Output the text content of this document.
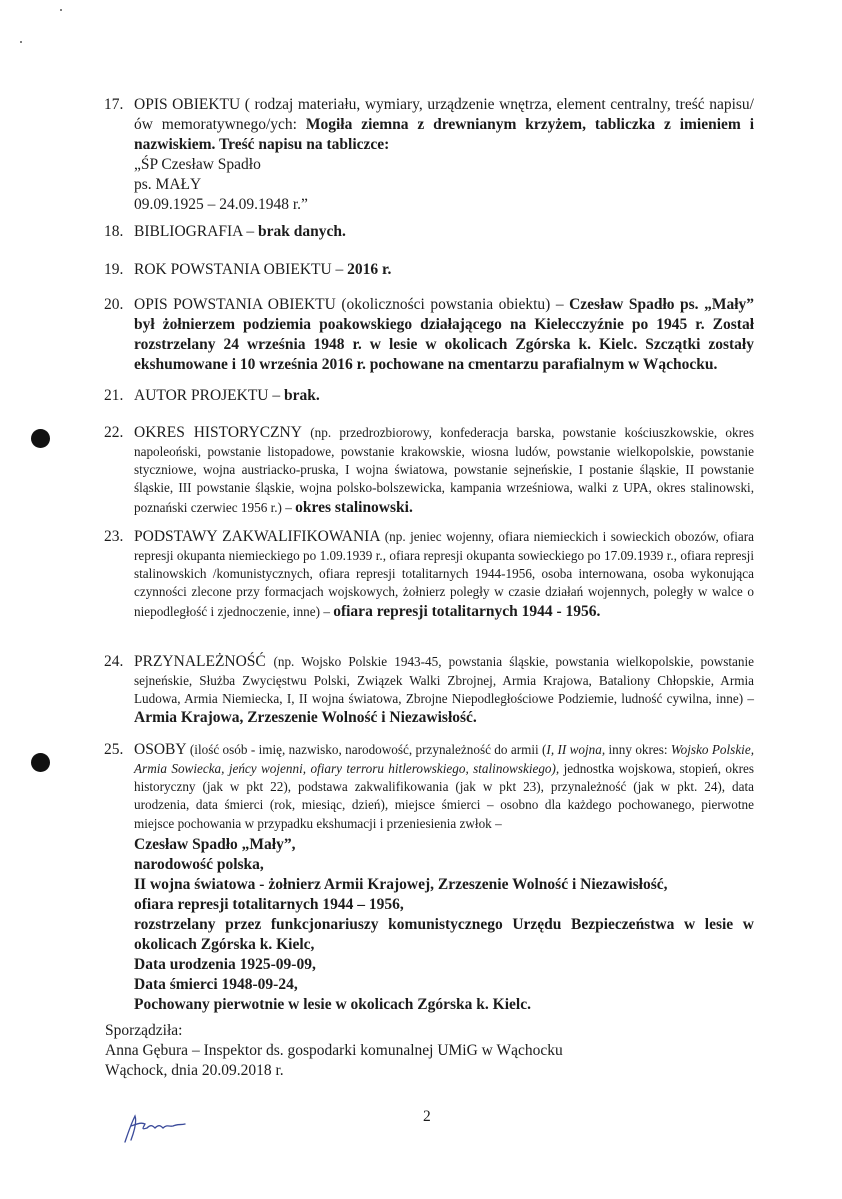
17. OPIS OBIEKTU ( rodzaj materiału, wymiary, urządzenie wnętrza, element centralny, treść napisu/ów memoratywnego/ych: Mogiła ziemna z drewnianym krzyżem, tabliczka z imieniem i nazwiskiem. Treść napisu na tabliczce:
„ŚP Czesław Spadło
ps. MAŁY
09.09.1925 – 24.09.1948 r.”
18. BIBLIOGRAFIA – brak danych.
19. ROK POWSTANIA OBIEKTU – 2016 r.
20. OPIS POWSTANIA OBIEKTU (okoliczności powstania obiektu) – Czesław Spadło ps. „Mały” był żołnierzem podziemia poakowskiego działającego na Kielecczyźnie po 1945 r. Został rozstrzelany 24 września 1948 r. w lesie w okolicach Zgórska k. Kielc. Szczątki zostały ekshumowane i 10 września 2016 r. pochowane na cmentarzu parafialnym w Wąchocku.
21. AUTOR PROJEKTU – brak.
22. OKRES HISTORYCZNY (np. przedrozbiorowy, konfederacja barska, powstanie kościuszkowskie, okres napoleoński, powstanie listopadowe, powstanie krakowskie, wiosna ludów, powstanie wielkopolskie, powstanie styczniowe, wojna austriacko-pruska, I wojna światowa, powstanie sejneńskie, I postanie śląskie, II powstanie śląskie, III powstanie śląskie, wojna polsko-bolszewicka, kampania wrześniowa, walki z UPA, okres stalinowski, poznański czerwiec 1956 r.) – okres stalinowski.
23. PODSTAWY ZAKWALIFIKOWANIA (np. jeniec wojenny, ofiara niemieckich i sowieckich obozów, ofiara represji okupanta niemieckiego po 1.09.1939 r., ofiara represji okupanta sowieckiego po 17.09.1939 r., ofiara represji stalinowskich /komunistycznych, ofiara represji totalitarnych 1944-1956, osoba internowana, osoba wykonująca czynności zlecone przy formacjach wojskowych, żołnierz poległy w czasie działań wojennych, poległy w walce o niepodległość i zjednoczenie, inne) – ofiara represji totalitarnych 1944 - 1956.
24. PRZYNALEŻNOŚĆ (np. Wojsko Polskie 1943-45, powstania śląskie, powstania wielkopolskie, powstanie sejneńskie, Służba Zwycięstwu Polski, Związek Walki Zbrojnej, Armia Krajowa, Bataliony Chłopskie, Armia Ludowa, Armia Niemiecka, I, II wojna światowa, Zbrojne Niepodległościowe Podziemie, ludność cywilna, inne) – Armia Krajowa, Zrzeszenie Wolność i Niezawisłość.
25. OSOBY (ilość osób - imię, nazwisko, narodowość, przynależność do armii (I, II wojna, inny okres: Wojsko Polskie, Armia Sowiecka, jeńcy wojenni, ofiary terroru hitlerowskiego, stalinowskiego), jednostka wojskowa, stopień, okres historyczny (jak w pkt 22), podstawa zakwalifikowania (jak w pkt 23), przynależność (jak w pkt. 24), data urodzenia, data śmierci (rok, miesiąc, dzień), miejsce śmierci – osobno dla każdego pochowanego, pierwotne miejsce pochowania w przypadku ekshumacji i przeniesienia zwłok –
Czesław Spadło „Mały”,
narodowość polska,
II wojna światowa - żołnierz Armii Krajowej, Zrzeszenie Wolność i Niezawisłość,
ofiara represji totalitarnych 1944 – 1956,
rozstrzelany przez funkcjonariuszy komunistycznego Urzędu Bezpieczeństwa w lesie w okolicach Zgórska k. Kielc,
Data urodzenia 1925-09-09,
Data śmierci 1948-09-24,
Pochowany pierwotnie w lesie w okolicach Zgórska k. Kielc.
Sporządziła:
Anna Gębura – Inspektor ds. gospodarki komunalnej UMiG w Wąchocku
Wąchock, dnia 20.09.2018 r.
2
